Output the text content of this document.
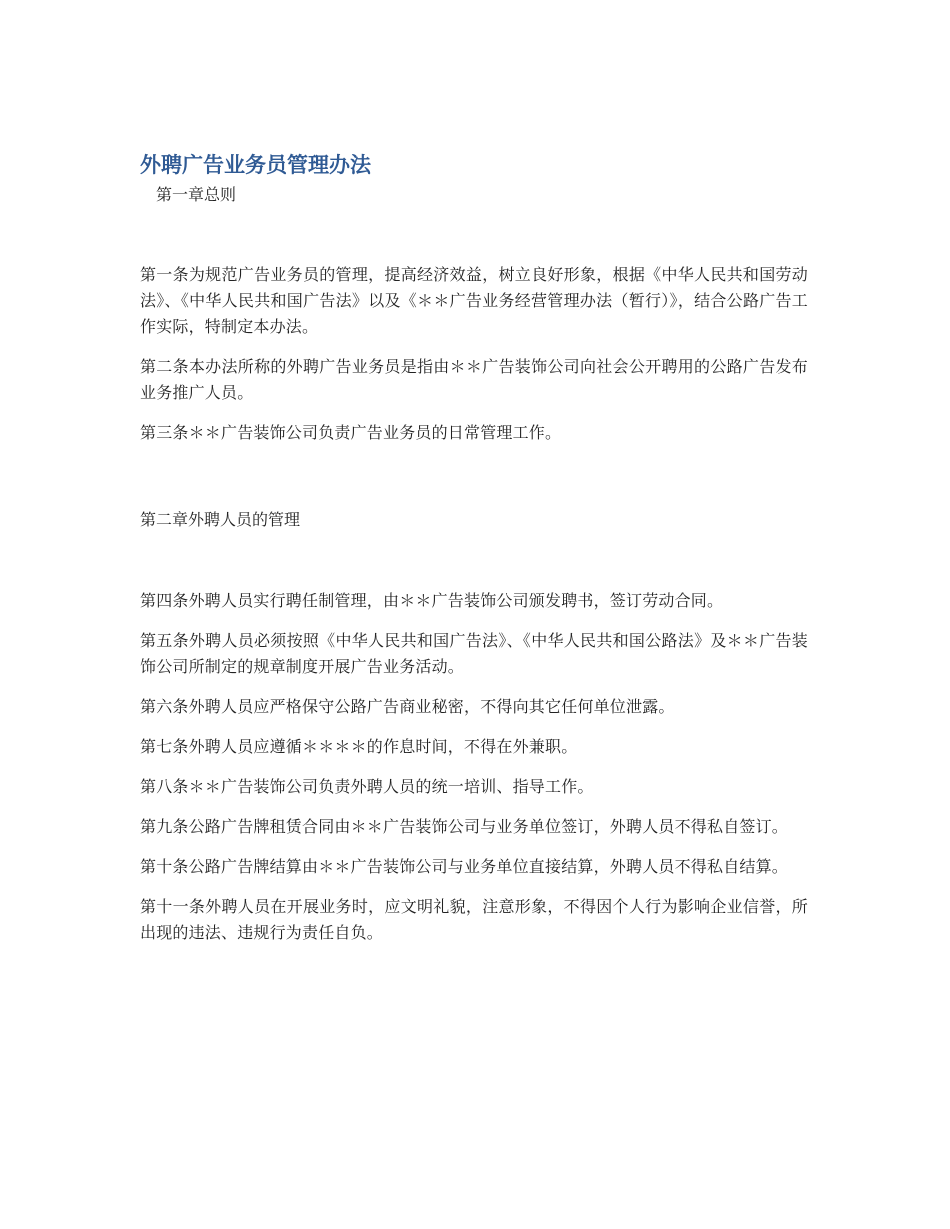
外聘广告业务员管理办法
第一章总则

第一条为规范广告业务员的管理，提高经济效益，树立良好形象，根据《中华人民共和国劳动法》、《中华人民共和国广告法》以及《＊＊广告业务经营管理办法（暂行）》，结合公路广告工作实际，特制定本办法。

第二条本办法所称的外聘广告业务员是指由＊＊广告装饰公司向社会公开聘用的公路广告发布业务推广人员。

第三条＊＊广告装饰公司负责广告业务员的日常管理工作。

第二章外聘人员的管理

第四条外聘人员实行聘任制管理，由＊＊广告装饰公司颁发聘书，签订劳动合同。

第五条外聘人员必须按照《中华人民共和国广告法》、《中华人民共和国公路法》及＊＊广告装饰公司所制定的规章制度开展广告业务活动。

第六条外聘人员应严格保守公路广告商业秘密，不得向其它任何单位泄露。

第七条外聘人员应遵循＊＊＊＊的作息时间，不得在外兼职。

第八条＊＊广告装饰公司负责外聘人员的统一培训、指导工作。

第九条公路广告牌租赁合同由＊＊广告装饰公司与业务单位签订，外聘人员不得私自签订。

第十条公路广告牌结算由＊＊广告装饰公司与业务单位直接结算，外聘人员不得私自结算。

第十一条外聘人员在开展业务时，应文明礼貌，注意形象，不得因个人行为影响企业信誉，所出现的违法、违规行为责任自负。
